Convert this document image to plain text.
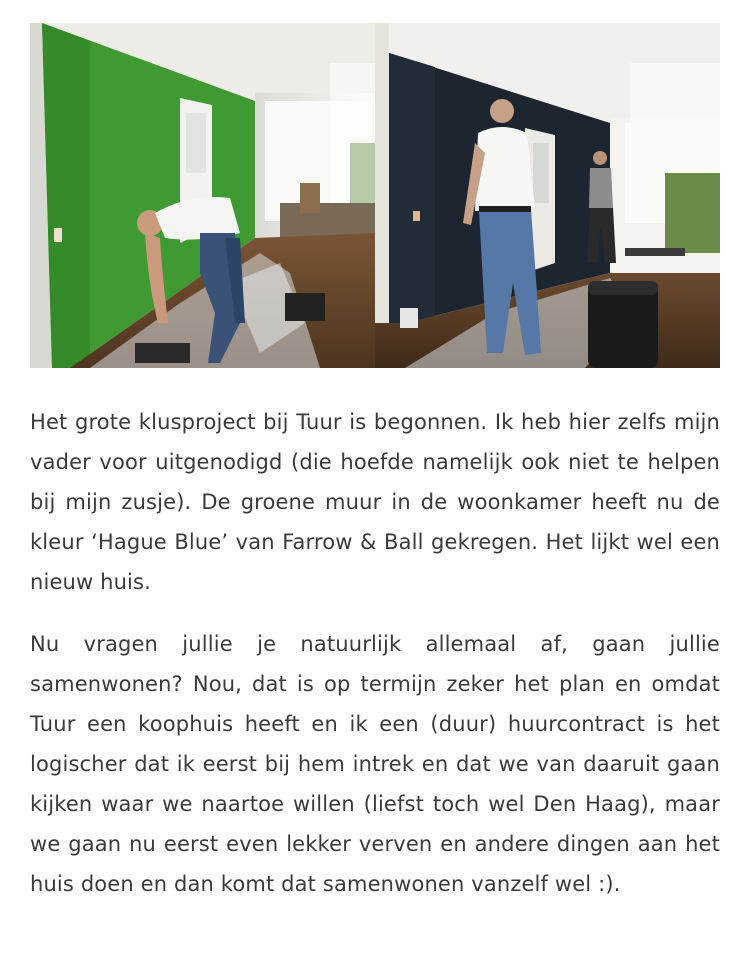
Het grote klusproject bij Tuur is begonnen. Ik heb hier zelfs mijn vader voor uitgenodigd (die hoefde namelijk ook niet te helpen bij mijn zusje). De groene muur in de woonkamer heeft nu de kleur ‘Hague Blue’ van Farrow & Ball gekregen. Het lijkt wel een nieuw huis.

Nu vragen jullie je natuurlijk allemaal af, gaan jullie samenwonen? Nou, dat is op termijn zeker het plan en omdat Tuur een koophuis heeft en ik een (duur) huurcontract is het logischer dat ik eerst bij hem intrek en dat we van daaruit gaan kijken waar we naartoe willen (liefst toch wel Den Haag), maar we gaan nu eerst even lekker verven en andere dingen aan het huis doen en dan komt dat samenwonen vanzelf wel :).
